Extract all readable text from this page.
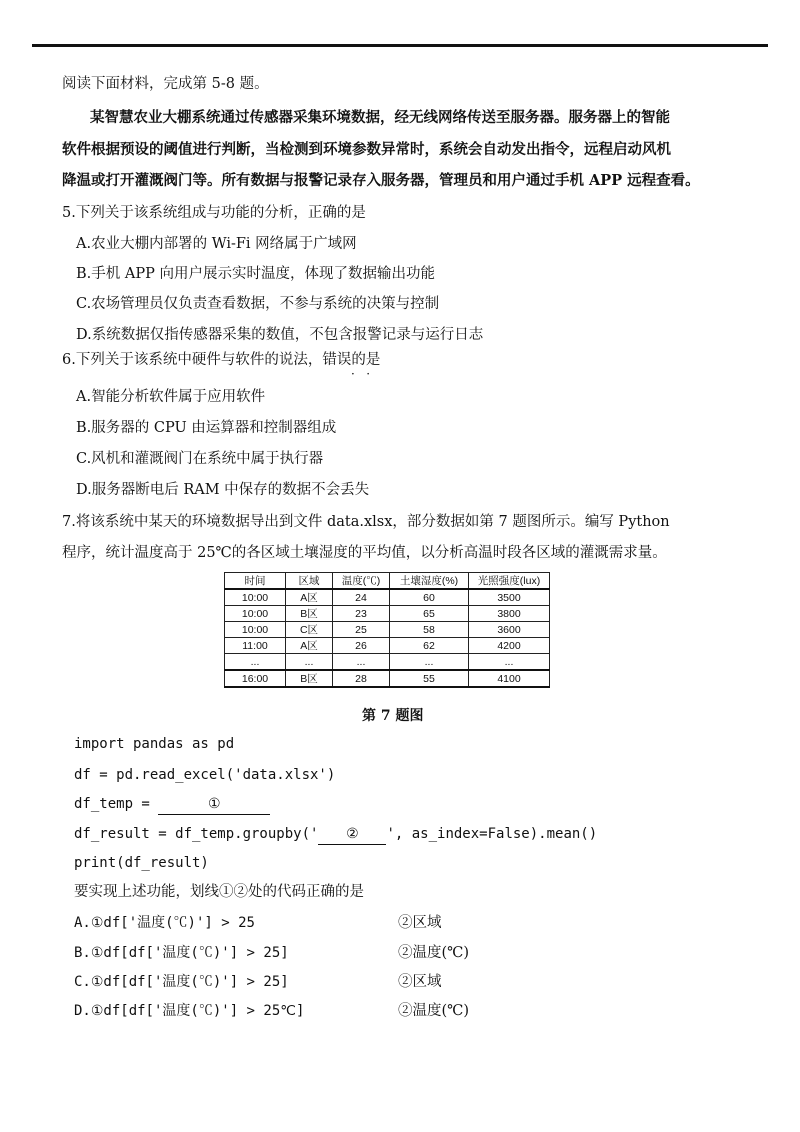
阅读下面材料，完成第 5-8 题。
某智慧农业大棚系统通过传感器采集环境数据，经无线网络传送至服务器。服务器上的智能
软件根据预设的阈值进行判断，当检测到环境参数异常时，系统会自动发出指令，远程启动风机
降温或打开灌溉阀门等。所有数据与报警记录存入服务器，管理员和用户通过手机 APP 远程查看。
5.下列关于该系统组成与功能的分析，正确的是
A.农业大棚内部署的 Wi-Fi 网络属于广域网
B.手机 APP 向用户展示实时温度，体现了数据输出功能
C.农场管理员仅负责查看数据，不参与系统的决策与控制
D.系统数据仅指传感器采集的数值，不包含报警记录与运行日志
6.下列关于该系统中硬件与软件的说法，错误的是
·   ·
A.智能分析软件属于应用软件
B.服务器的 CPU 由运算器和控制器组成
C.风机和灌溉阀门在系统中属于执行器
D.服务器断电后 RAM 中保存的数据不会丢失
7.将该系统中某天的环境数据导出到文件 data.xlsx，部分数据如第 7 题图所示。编写 Python
程序，统计温度高于 25℃的各区域土壤湿度的平均值，以分析高温时段各区域的灌溉需求量。
时间	区域	温度(℃)	土壤湿度(%)	光照强度(lux)
10:00	A区	24	60	3500
10:00	B区	23	65	3800
10:00	C区	25	58	3600
11:00	A区	26	62	4200
...	...	...	...	...
16:00	B区	28	55	4100
第 7 题图
import pandas as pd
df = pd.read_excel('data.xlsx')
df_temp =	①
df_result = df_temp.groupby(' ② ', as_index=False).mean()
print(df_result)
要实现上述功能，划线①②处的代码正确的是
A.①df['温度(℃)'] > 25	②区域
B.①df[df['温度(℃)'] > 25]	②温度(℃)
C.①df[df['温度(℃)'] > 25]	②区域
D.①df[df['温度(℃)'] > 25℃]	②温度(℃)
